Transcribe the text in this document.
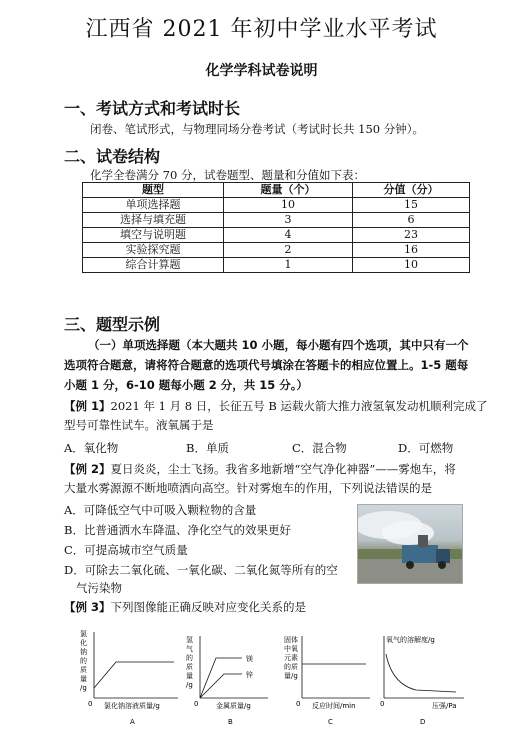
江西省 2021 年初中学业水平考试
化学学科试卷说明
一、考试方式和考试时长
闭卷、笔试形式，与物理同场分卷考试（考试时长共 150 分钟）。
二、试卷结构
化学全卷满分 70 分，试卷题型、题量和分值如下表：
题型	题量（个）	分值（分）
单项选择题	10	15
选择与填充题	3	6
填空与说明题	4	23
实验探究题	2	16
综合计算题	1	10
三、题型示例
（一）单项选择题（本大题共 10 小题，每小题有四个选项，其中只有一个
选项符合题意，请将符合题意的选项代号填涂在答题卡的相应位置上。1-5 题每
小题 1 分，6-10 题每小题 2 分，共 15 分。）
【例 1】2021 年 1 月 8 日，长征五号 B 运载火箭大推力液氢氧发动机顺利完成了
型号可靠性试车。液氧属于是
A．氧化物	B．单质	C．混合物	D．可燃物
【例 2】夏日炎炎，尘土飞扬。我省多地新增“空气净化神器”——雾炮车，将
大量水雾源源不断地喷洒向高空。针对雾炮车的作用，下列说法错误的是
A．可降低空气中可吸入颗粒物的含量
B．比普通洒水车降温、净化空气的效果更好
C．可提高城市空气质量
D．可除去二氧化硫、一氧化碳、二氧化氮等所有的空
气污染物
【例 3】下列图像能正确反映对应变化关系的是
氯化钠的质量/g
0 氯化钠溶液质量/g
A
氢气的质量/g
镁
锌
0	金属质量/g
B
固体中氧元素的质量/g
0 反应时间/min
C
氧气的溶解度/g
0	压强/Pa
D
